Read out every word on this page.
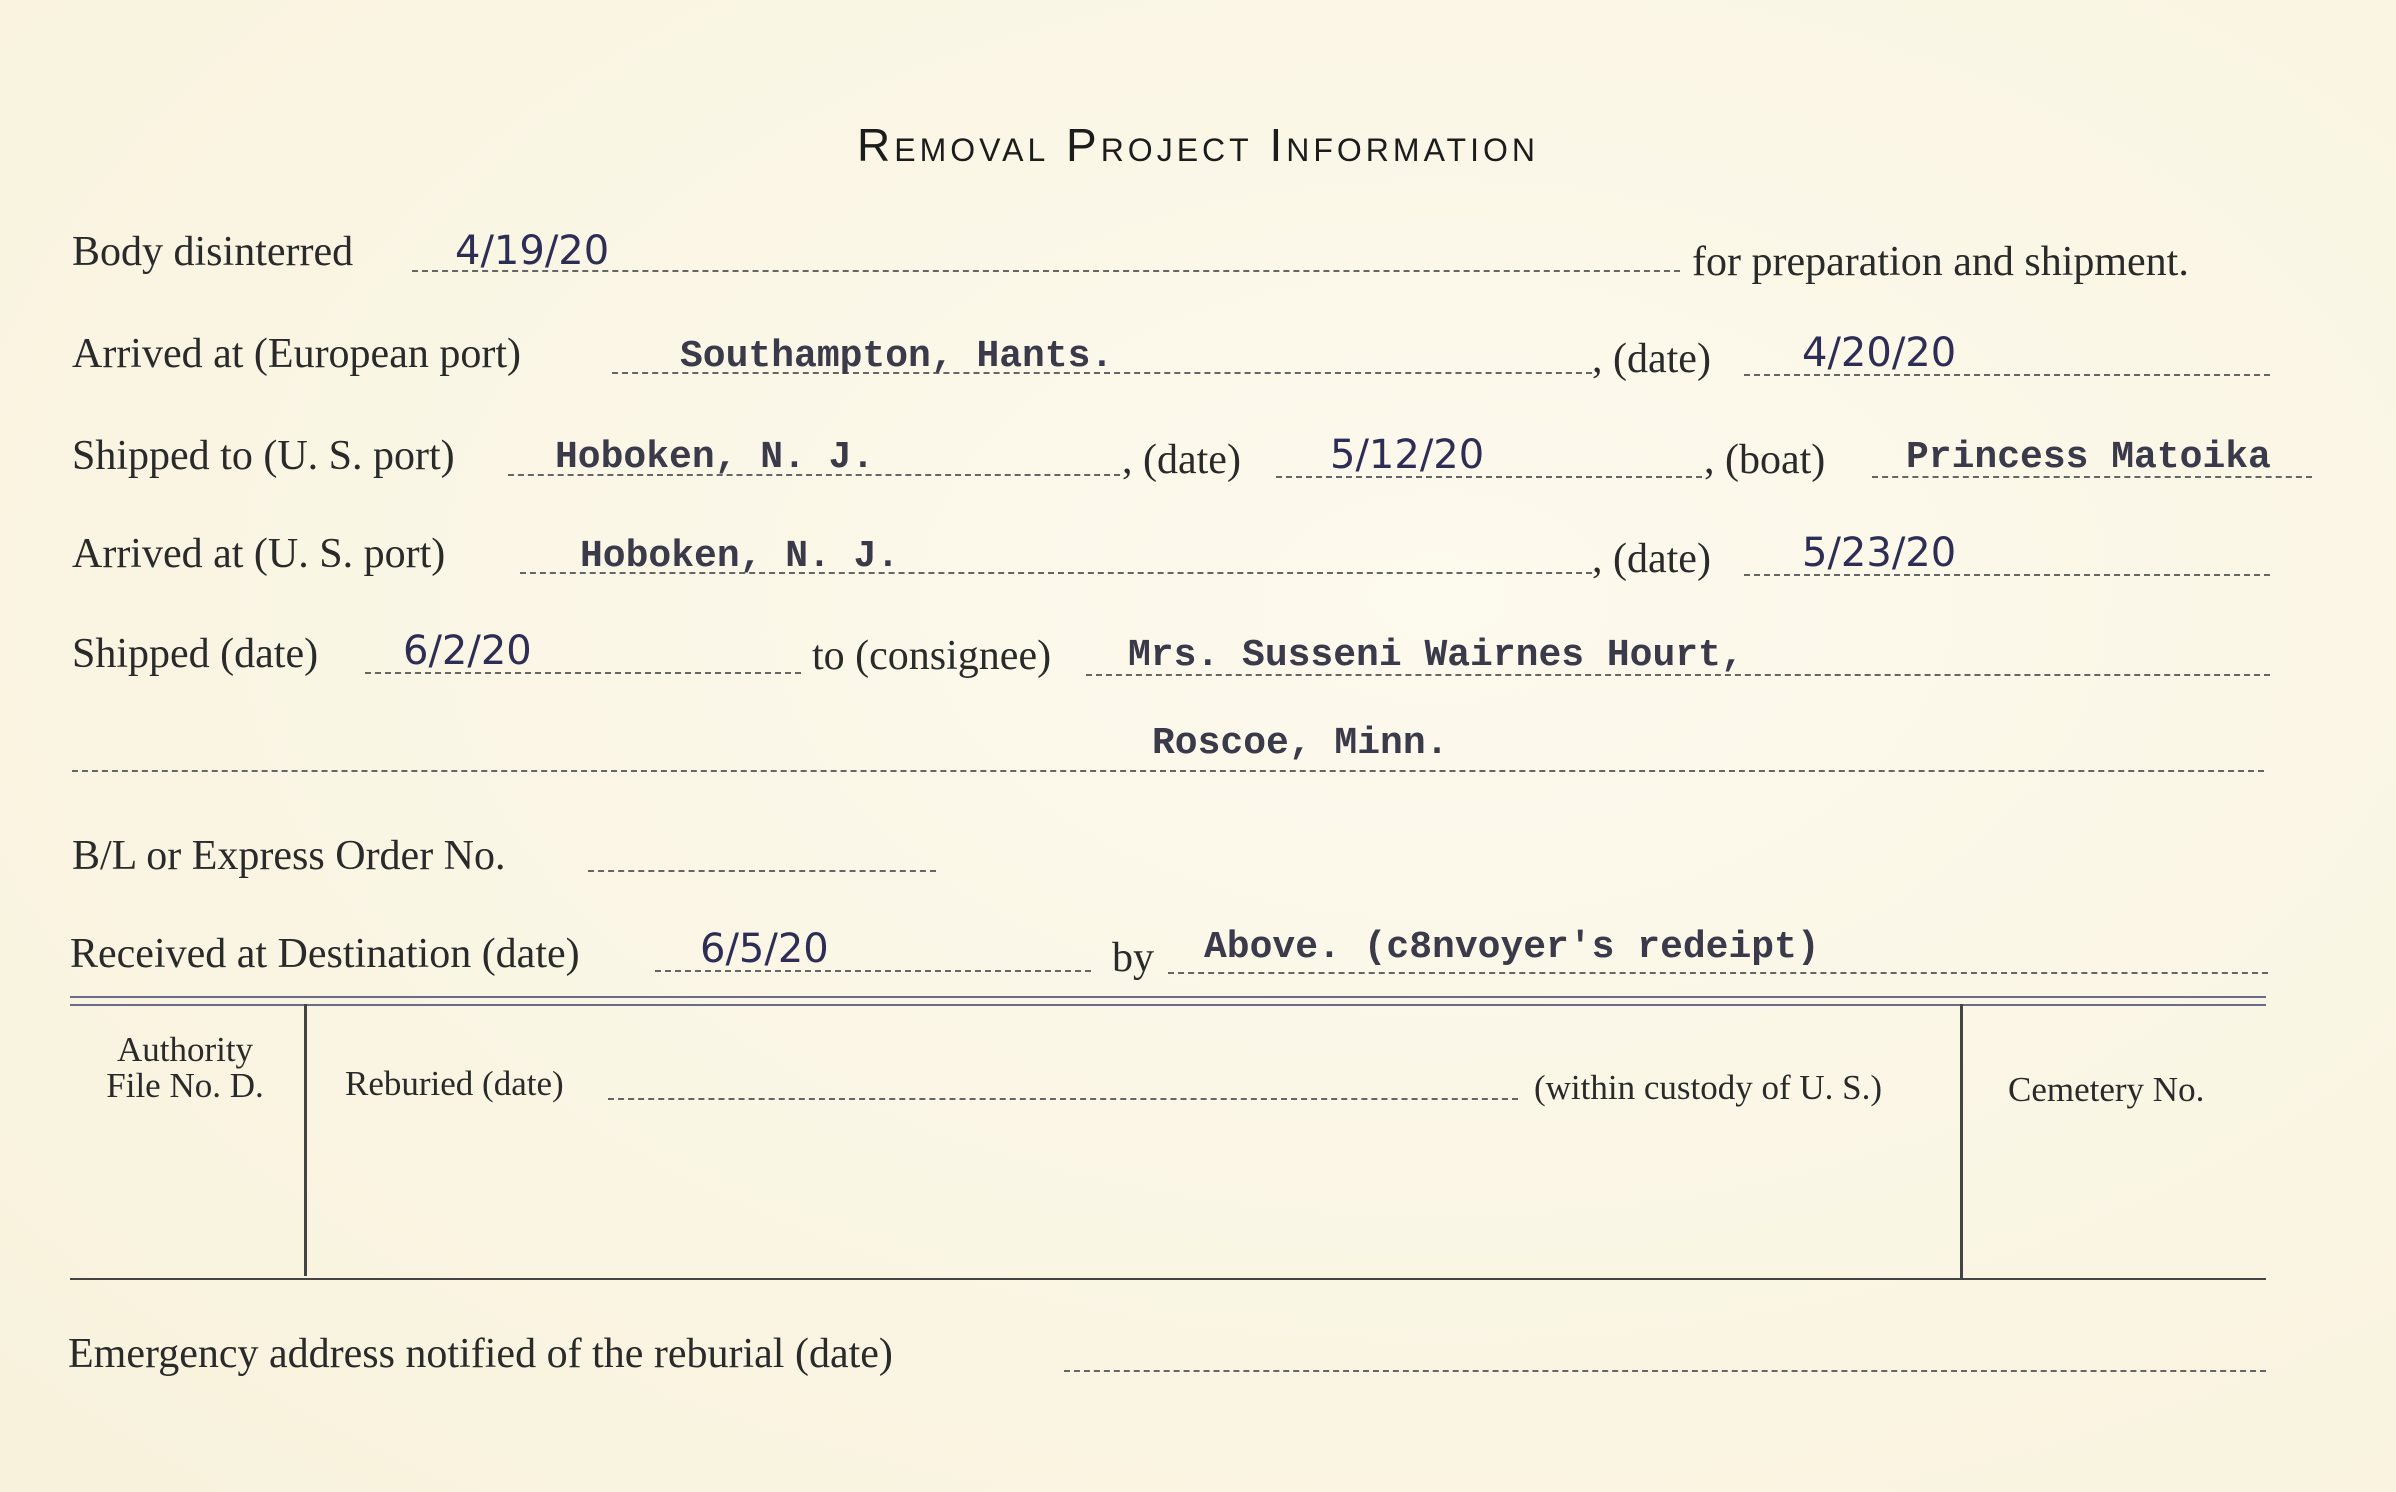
Removal Project Information
Body disinterred	4/19/20	for preparation and shipment.
Arrived at (European port)	Southampton, Hants.	, (date) 4/20/20
Shipped to (U. S. port)	Hoboken, N. J.	, (date) 5/12/20	, (boat) Princess Matoika
Arrived at (U. S. port)	Hoboken, N. J.	, (date) 5/23/20
Shipped (date) 6/2/20	to (consignee) Mrs. Susseni Wairnes Hourt,
Roscoe, Minn.
B/L or Express Order No.
Received at Destination (date)	6/5/20	by Above. (c8nvoyer's redeipt)
Authority
File No. D.	Reburied (date)	(within custody of U. S.)	Cemetery No.
Emergency address notified of the reburial (date)
